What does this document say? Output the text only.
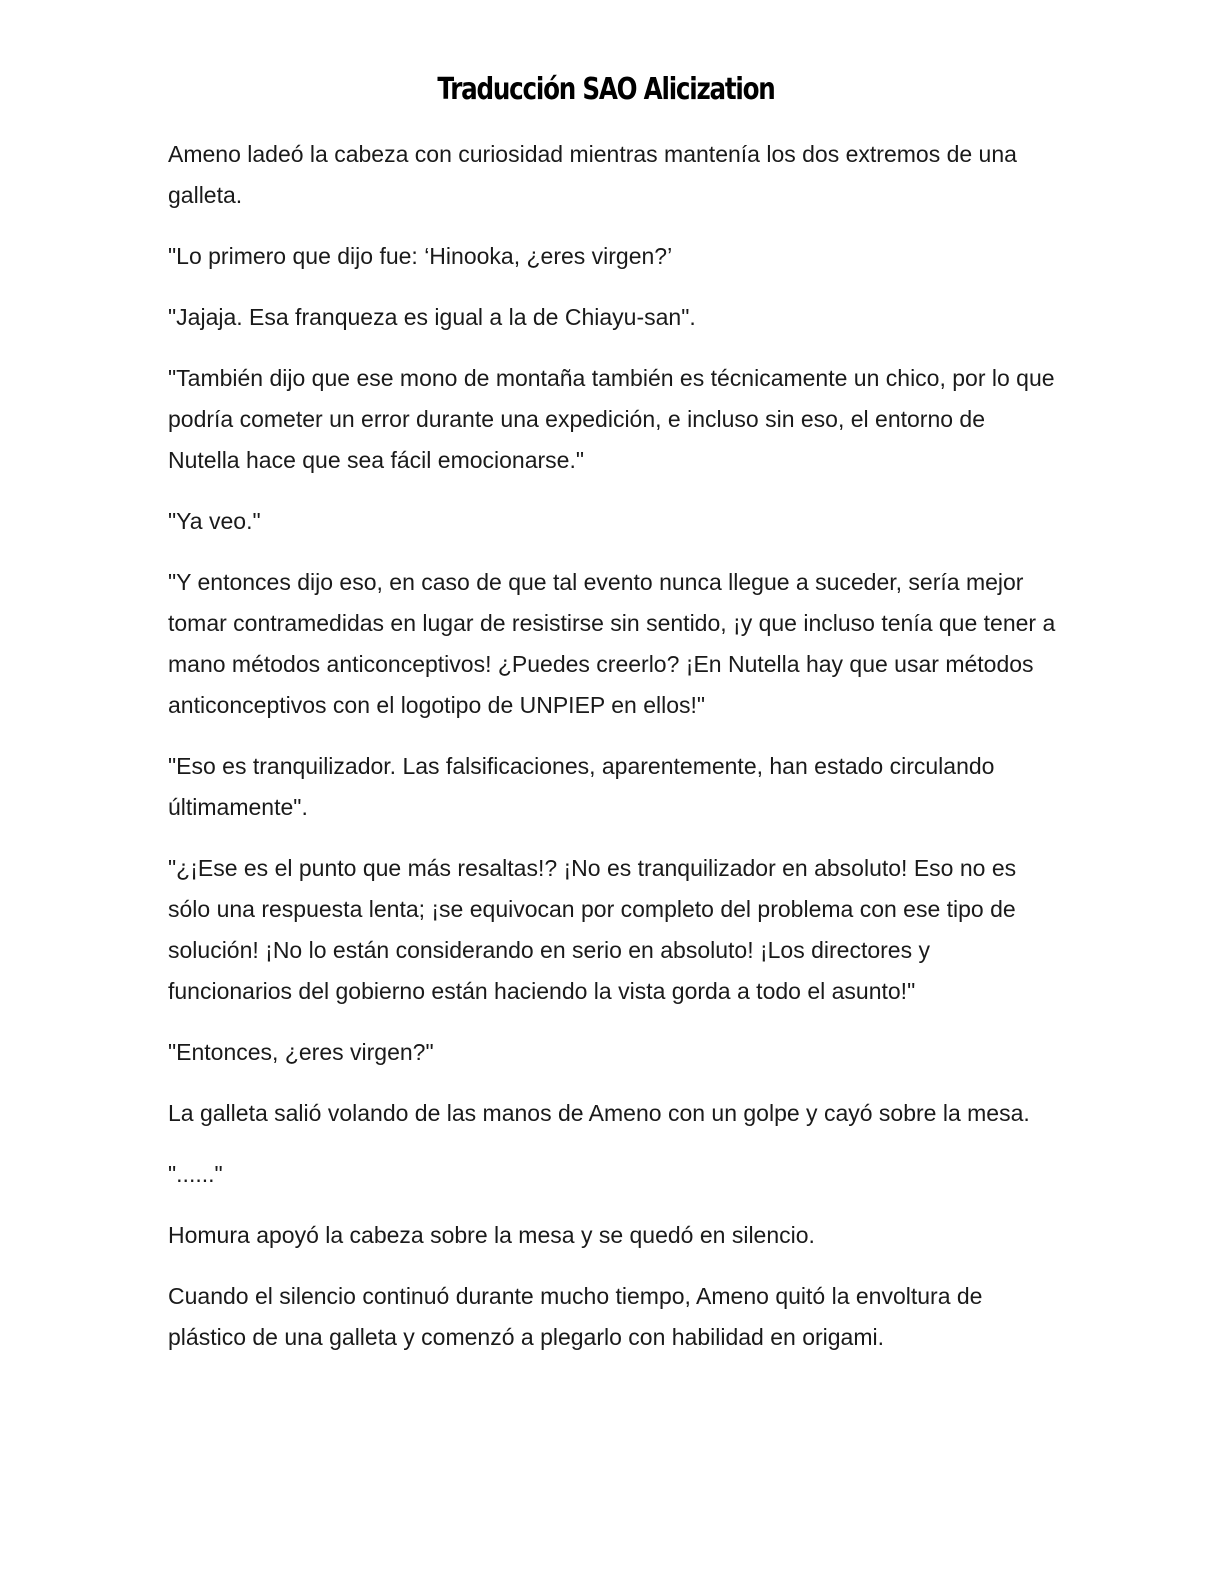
Traducción SAO Alicization

Ameno ladeó la cabeza con curiosidad mientras mantenía los dos extremos de una galleta.

"Lo primero que dijo fue: ‘Hinooka, ¿eres virgen?’

"Jajaja. Esa franqueza es igual a la de Chiayu-san".

"También dijo que ese mono de montaña también es técnicamente un chico, por lo que podría cometer un error durante una expedición, e incluso sin eso, el entorno de Nutella hace que sea fácil emocionarse."

"Ya veo."

"Y entonces dijo eso, en caso de que tal evento nunca llegue a suceder, sería mejor tomar contramedidas en lugar de resistirse sin sentido, ¡y que incluso tenía que tener a mano métodos anticonceptivos! ¿Puedes creerlo? ¡En Nutella hay que usar métodos anticonceptivos con el logotipo de UNPIEP en ellos!"

"Eso es tranquilizador. Las falsificaciones, aparentemente, han estado circulando últimamente".

"¿¡Ese es el punto que más resaltas!? ¡No es tranquilizador en absoluto! Eso no es sólo una respuesta lenta; ¡se equivocan por completo del problema con ese tipo de solución! ¡No lo están considerando en serio en absoluto! ¡Los directores y funcionarios del gobierno están haciendo la vista gorda a todo el asunto!"

"Entonces, ¿eres virgen?"

La galleta salió volando de las manos de Ameno con un golpe y cayó sobre la mesa.

"......"

Homura apoyó la cabeza sobre la mesa y se quedó en silencio.

Cuando el silencio continuó durante mucho tiempo, Ameno quitó la envoltura de plástico de una galleta y comenzó a plegarlo con habilidad en origami.
